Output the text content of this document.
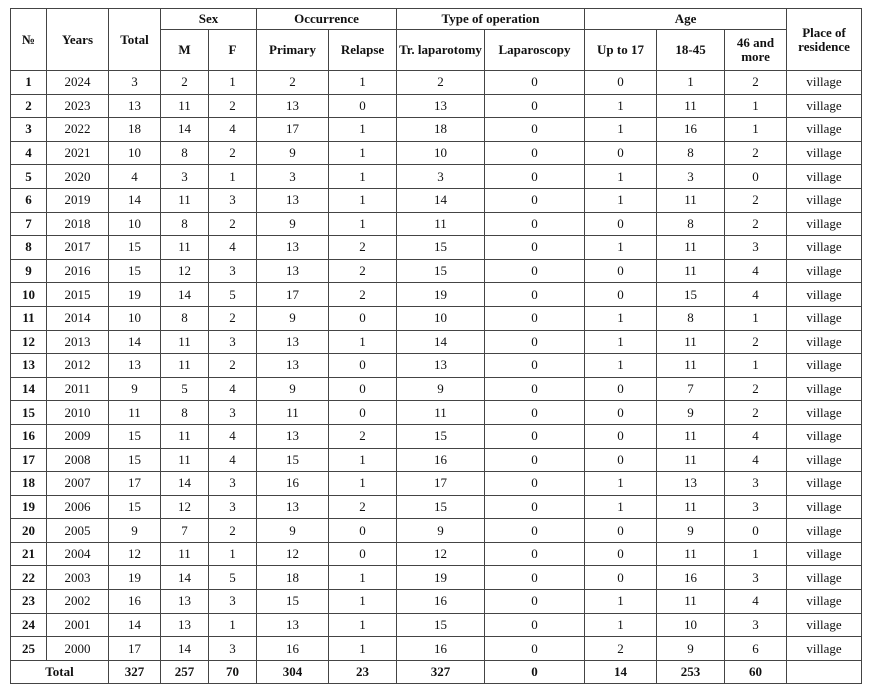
№	Years	Total	Sex		Occurrence		Type of operation		Age			Place of residence
			M	F	Primary	Relapse	Tr. laparotomy	Laparoscopy	Up to 17	18-45	46 and more	
1	2024	3	2	1	2	1	2	0	0	1	2	village
2	2023	13	11	2	13	0	13	0	1	11	1	village
3	2022	18	14	4	17	1	18	0	1	16	1	village
4	2021	10	8	2	9	1	10	0	0	8	2	village
5	2020	4	3	1	3	1	3	0	1	3	0	village
6	2019	14	11	3	13	1	14	0	1	11	2	village
7	2018	10	8	2	9	1	11	0	0	8	2	village
8	2017	15	11	4	13	2	15	0	1	11	3	village
9	2016	15	12	3	13	2	15	0	0	11	4	village
10	2015	19	14	5	17	2	19	0	0	15	4	village
11	2014	10	8	2	9	0	10	0	1	8	1	village
12	2013	14	11	3	13	1	14	0	1	11	2	village
13	2012	13	11	2	13	0	13	0	1	11	1	village
14	2011	9	5	4	9	0	9	0	0	7	2	village
15	2010	11	8	3	11	0	11	0	0	9	2	village
16	2009	15	11	4	13	2	15	0	0	11	4	village
17	2008	15	11	4	15	1	16	0	0	11	4	village
18	2007	17	14	3	16	1	17	0	1	13	3	village
19	2006	15	12	3	13	2	15	0	1	11	3	village
20	2005	9	7	2	9	0	9	0	0	9	0	village
21	2004	12	11	1	12	0	12	0	0	11	1	village
22	2003	19	14	5	18	1	19	0	0	16	3	village
23	2002	16	13	3	15	1	16	0	1	11	4	village
24	2001	14	13	1	13	1	15	0	1	10	3	village
25	2000	17	14	3	16	1	16	0	2	9	6	village
Total		327	257	70	304	23	327	0	14	253	60	
